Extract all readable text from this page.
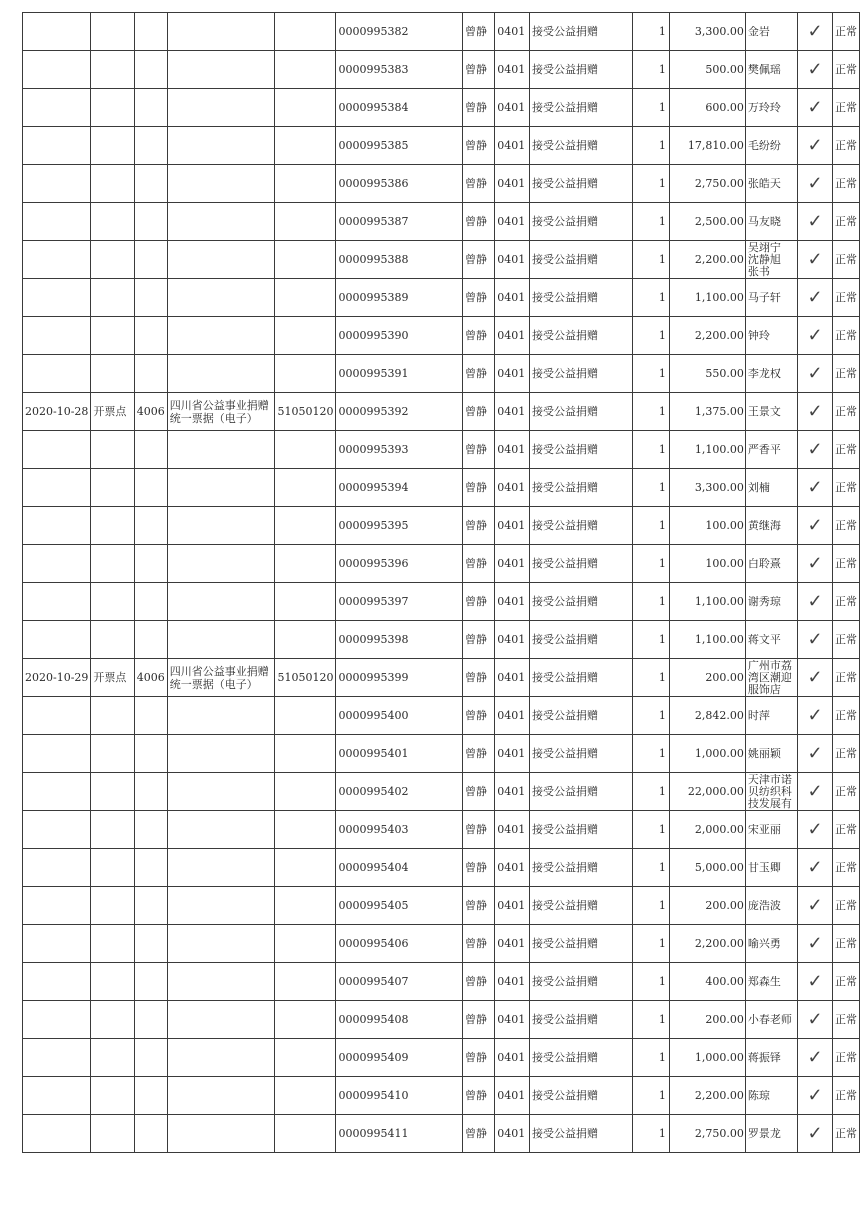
					0000995382	曾静	0401	接受公益捐赠	1	3,300.00	金岩	✓	正常
					0000995383	曾静	0401	接受公益捐赠	1	500.00	樊佩瑶	✓	正常
					0000995384	曾静	0401	接受公益捐赠	1	600.00	万玲玲	✓	正常
					0000995385	曾静	0401	接受公益捐赠	1	17,810.00	毛纷纷	✓	正常
					0000995386	曾静	0401	接受公益捐赠	1	2,750.00	张皓天	✓	正常
					0000995387	曾静	0401	接受公益捐赠	1	2,500.00	马友晓	✓	正常
					0000995388	曾静	0401	接受公益捐赠	1	2,200.00	吴翊宁 沈静旭 张书	✓	正常
					0000995389	曾静	0401	接受公益捐赠	1	1,100.00	马子轩	✓	正常
					0000995390	曾静	0401	接受公益捐赠	1	2,200.00	钟玲	✓	正常
					0000995391	曾静	0401	接受公益捐赠	1	550.00	李龙权	✓	正常
2020-10-28	开票点	4006	四川省公益事业捐赠统一票据（电子）	51050120	0000995392	曾静	0401	接受公益捐赠	1	1,375.00	王景文	✓	正常
					0000995393	曾静	0401	接受公益捐赠	1	1,100.00	严香平	✓	正常
					0000995394	曾静	0401	接受公益捐赠	1	3,300.00	刘楠	✓	正常
					0000995395	曾静	0401	接受公益捐赠	1	100.00	黄继海	✓	正常
					0000995396	曾静	0401	接受公益捐赠	1	100.00	白聆熹	✓	正常
					0000995397	曾静	0401	接受公益捐赠	1	1,100.00	谢秀琼	✓	正常
					0000995398	曾静	0401	接受公益捐赠	1	1,100.00	蒋文平	✓	正常
2020-10-29	开票点	4006	四川省公益事业捐赠统一票据（电子）	51050120	0000995399	曾静	0401	接受公益捐赠	1	200.00	广州市荔湾区潮迎服饰店	✓	正常
					0000995400	曾静	0401	接受公益捐赠	1	2,842.00	时萍	✓	正常
					0000995401	曾静	0401	接受公益捐赠	1	1,000.00	姚丽颖	✓	正常
					0000995402	曾静	0401	接受公益捐赠	1	22,000.00	天津市诺贝纺织科技发展有	✓	正常
					0000995403	曾静	0401	接受公益捐赠	1	2,000.00	宋亚丽	✓	正常
					0000995404	曾静	0401	接受公益捐赠	1	5,000.00	甘玉卿	✓	正常
					0000995405	曾静	0401	接受公益捐赠	1	200.00	庞浩波	✓	正常
					0000995406	曾静	0401	接受公益捐赠	1	2,200.00	喻兴勇	✓	正常
					0000995407	曾静	0401	接受公益捐赠	1	400.00	郑森生	✓	正常
					0000995408	曾静	0401	接受公益捐赠	1	200.00	小春老师	✓	正常
					0000995409	曾静	0401	接受公益捐赠	1	1,000.00	蒋振铎	✓	正常
					0000995410	曾静	0401	接受公益捐赠	1	2,200.00	陈琼	✓	正常
					0000995411	曾静	0401	接受公益捐赠	1	2,750.00	罗景龙	✓	正常
